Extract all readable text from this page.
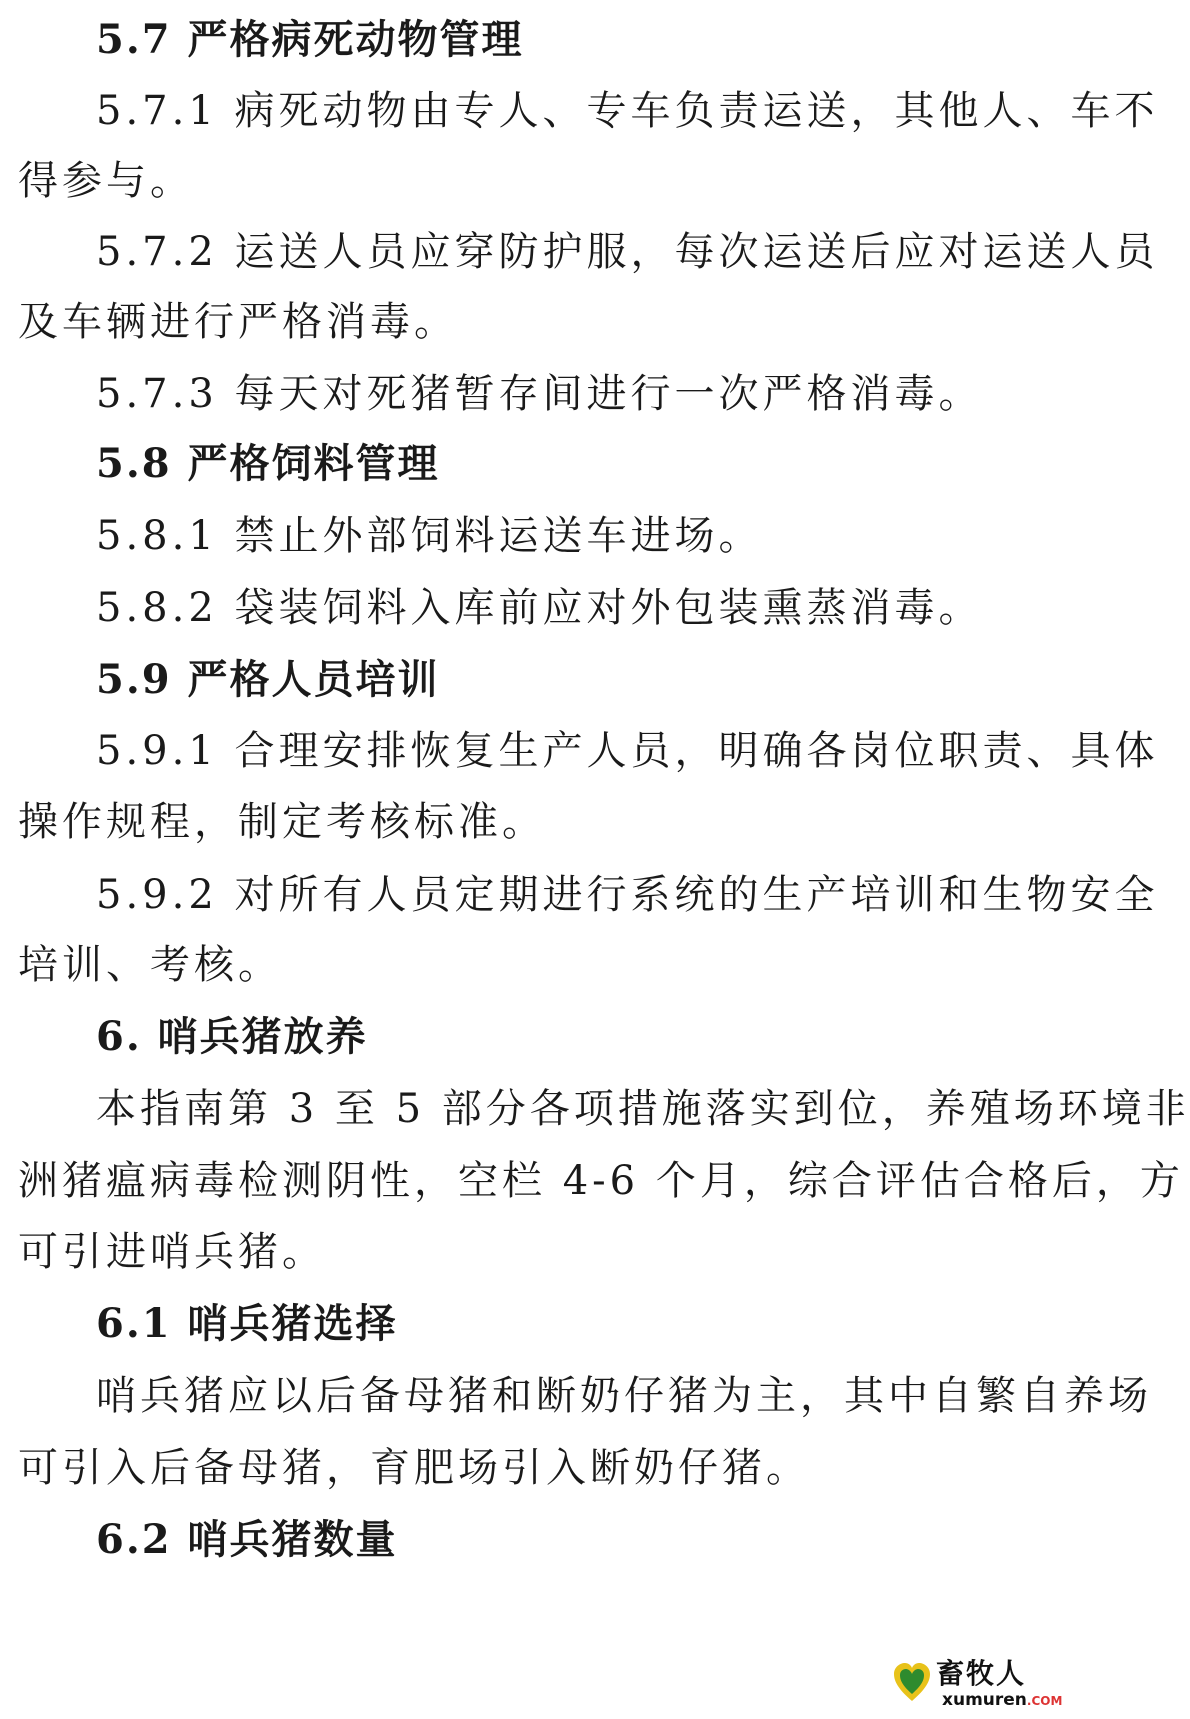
5.7 严格病死动物管理
5.7.1 病死动物由专人、专车负责运送，其他人、车不
得参与。
5.7.2 运送人员应穿防护服，每次运送后应对运送人员
及车辆进行严格消毒。
5.7.3 每天对死猪暂存间进行一次严格消毒。
5.8 严格饲料管理
5.8.1 禁止外部饲料运送车进场。
5.8.2 袋装饲料入库前应对外包装熏蒸消毒。
5.9 严格人员培训
5.9.1 合理安排恢复生产人员，明确各岗位职责、具体
操作规程，制定考核标准。
5.9.2 对所有人员定期进行系统的生产培训和生物安全
培训、考核。
6. 哨兵猪放养
本指南第 3 至 5 部分各项措施落实到位，养殖场环境非
洲猪瘟病毒检测阴性，空栏 4-6 个月，综合评估合格后，方
可引进哨兵猪。
6.1 哨兵猪选择
哨兵猪应以后备母猪和断奶仔猪为主，其中自繁自养场
可引入后备母猪，育肥场引入断奶仔猪。
6.2 哨兵猪数量
畜牧人
xumuren.COM
